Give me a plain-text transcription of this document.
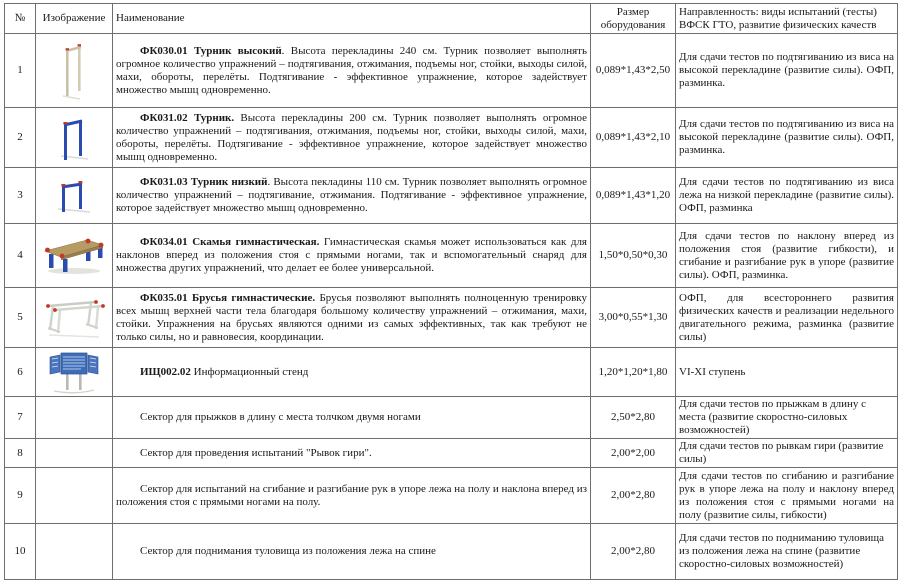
№	Изображение	Наименование	Размер оборудования	Направленность: виды испытаний (тесты) ВФСК ГТО, развитие физических качеств
1		ФК030.01 Турник высокий. Высота перекладины 240 см. Турник позволяет выполнять огромное количество упражнений – подтягивания, отжимания, подъемы ног, стойки, выходы силой, махи, обороты, перелёты. Подтягивание - эффективное упражнение, которое задействует множество мышц одновременно.	0,089*1,43*2,50	Для сдачи тестов по подтягиванию из виса на высокой перекладине (развитие силы). ОФП, разминка.
2		ФК031.02 Турник. Высота перекладины 200 см. Турник позволяет выполнять огромное количество упражнений – подтягивания, отжимания, подъемы ног, стойки, выходы силой, махи, обороты, перелёты. Подтягивание - эффективное упражнение, которое задействует множество мышц одновременно.	0,089*1,43*2,10	Для сдачи тестов по подтягиванию из виса на высокой перекладине (развитие силы). ОФП, разминка.
3		ФК031.03 Турник низкий. Высота пекладины 110 см. Турник позволяет выполнять огромное количество упражнений – подтягивание, отжимания. Подтягивание - эффективное упражнение, которое задействует множество мышц одновременно.	0,089*1,43*1,20	Для сдачи тестов по подтягиванию из виса лежа на низкой перекладине (развитие силы). ОФП, разминка
4		ФК034.01 Скамья гимнастическая. Гимнастическая скамья может использоваться как для наклонов вперед из положения стоя с прямыми ногами, так и вспомогательный снаряд для множества других упражнений, что делает ее более универсальной.	1,50*0,50*0,30	Для сдачи тестов по наклону вперед из положения стоя (развитие гибкости), и сгибание и разгибание рук в упоре (развитие силы). ОФП, разминка.
5		ФК035.01 Брусья гимнастические. Брусья позволяют выполнять полноценную тренировку всех мышц верхней части тела благодаря большому количеству упражнений – отжимания, махи, стойки. Упражнения на брусьях являются одними из самых эффективных, так как требуют не только силы, но и равновесия, координации.	3,00*0,55*1,30	ОФП, для всестороннего развития физических качеств и реализации недельного двигательного режима, разминка (развитие силы)
6		ИЩ002.02 Информационный стенд	1,20*1,20*1,80	VI-XI ступень
7		Сектор для прыжков в длину с места толчком двумя ногами	2,50*2,80	Для сдачи тестов по прыжкам в длину с места (развитие скоростно-силовых возможностей)
8		Сектор для проведения испытаний "Рывок гири".	2,00*2,00	Для сдачи тестов по рывкам гири (развитие силы)
9		Сектор для испытаний на сгибание и разгибание рук в упоре лежа на полу и наклона вперед из положения стоя с прямыми ногами на полу.	2,00*2,80	Для сдачи тестов по сгибанию и разгибание рук в упоре лежа на полу и наклону вперед из положения стоя с прямыми ногами на полу (развитие силы, гибкости)
10		Сектор для поднимания туловища из положения лежа на спине	2,00*2,80	Для сдачи тестов по подниманию туловища из положения лежа на спине (развитие скоростно-силовых возможностей)
